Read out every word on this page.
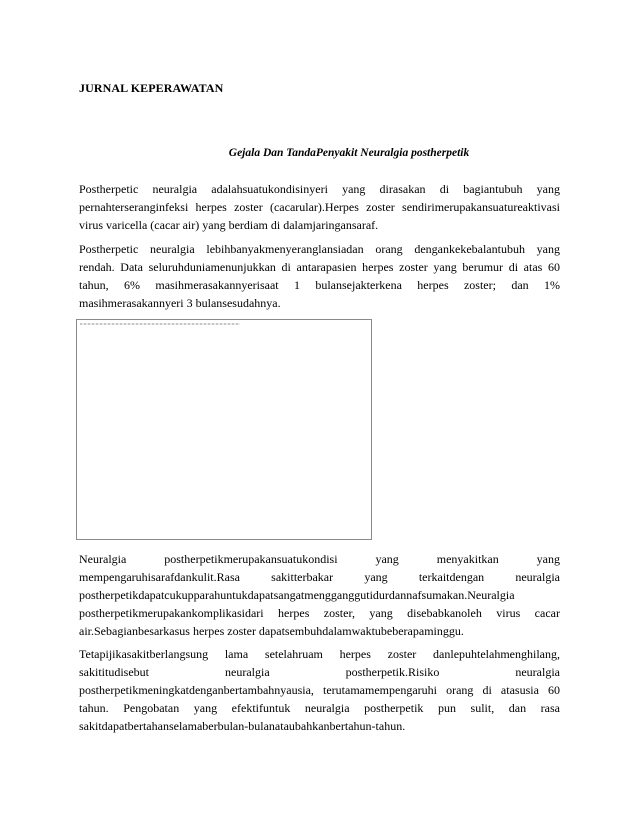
JURNAL KEPERAWATAN

Gejala Dan TandaPenyakit Neuralgia postherpetik

Postherpetic neuralgia adalahsuatukondisinyeri yang dirasakan di bagiantubuh yang
pernahterseranginfeksi herpes zoster (cacarular).Herpes zoster sendirimerupakansuatureaktivasi
virus varicella (cacar air) yang berdiam di dalamjaringansaraf.

Postherpetic neuralgia lebihbanyakmenyeranglansiadan orang dengankekebalantubuh yang
rendah. Data seluruhduniamenunjukkan di antarapasien herpes zoster yang berumur di atas 60
tahun, 6% masihmerasakannyerisaat 1 bulansejakterkena herpes zoster; dan 1%
masihmerasakannyeri 3 bulansesudahnya.

Neuralgia postherpetikmerupakansuatukondisi yang menyakitkan yang
mempengaruhisarafdankulit.Rasa sakitterbakar yang terkaitdengan neuralgia
postherpetikdapatcukupparahuntukdapatsangatmengganggutidurdannafsumakan.Neuralgia
postherpetikmerupakankomplikasidari herpes zoster, yang disebabkanoleh virus cacar
air.Sebagianbesarkasus herpes zoster dapatsembuhdalamwaktubeberapaminggu.

Tetapijikasakitberlangsung lama setelahruam herpes zoster danlepuhtelahmenghilang,
sakititudisebut neuralgia postherpetik.Risiko neuralgia
postherpetikmeningkatdenganbertambahnyausia, terutamamempengaruhi orang di atasusia 60
tahun. Pengobatan yang efektifuntuk neuralgia postherpetik pun sulit, dan rasa
sakitdapatbertahanselamaberbulan-bulanataubahkanbertahun-tahun.
